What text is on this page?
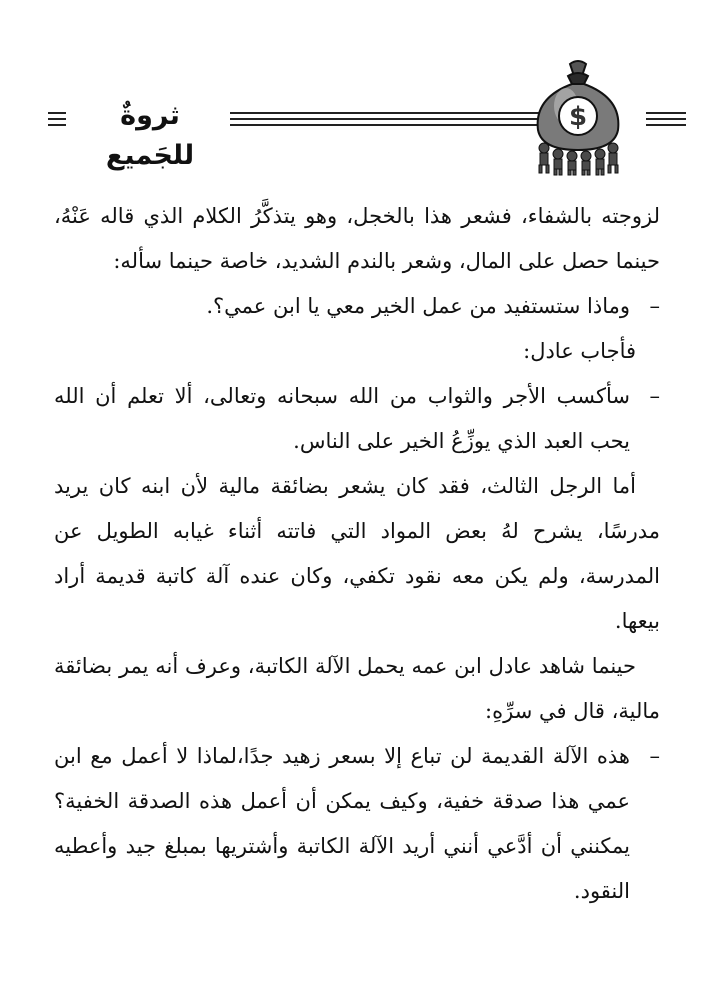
ثروةٌ للجَميع
$

لزوجته بالشفاء، فشعر هذا بالخجل، وهو يتذكَّرُ الكلام الذي قاله عَنْهُ، حينما حصل على المال، وشعر بالندم الشديد، خاصة حينما سأله:

–
وماذا ستستفيد من عمل الخير معي يا ابن عمي؟.

فأجاب عادل:

–
سأكسب الأجر والثواب من الله سبحانه وتعالى، ألا تعلم أن الله يحب العبد الذي يوزِّعُ الخير على الناس.

أما الرجل الثالث، فقد كان يشعر بضائقة مالية لأن ابنه كان يريد مدرسًا، يشرح لهُ بعض المواد التي فاتته أثناء غيابه الطويل عن المدرسة، ولم يكن معه نقود تكفي، وكان عنده آلة كاتبة قديمة أراد بيعها.

حينما شاهد عادل ابن عمه يحمل الآلة الكاتبة، وعرف أنه يمر بضائقة مالية، قال في سرِّهِ:

–
هذه الآلة القديمة لن تباع إلا بسعر زهيد جدًا،لماذا لا أعمل مع ابن عمي هذا صدقة خفية، وكيف يمكن أن أعمل هذه الصدقة الخفية؟ يمكنني أن أدَّعي أنني أريد الآلة الكاتبة وأشتريها بمبلغ جيد وأعطيه النقود.
